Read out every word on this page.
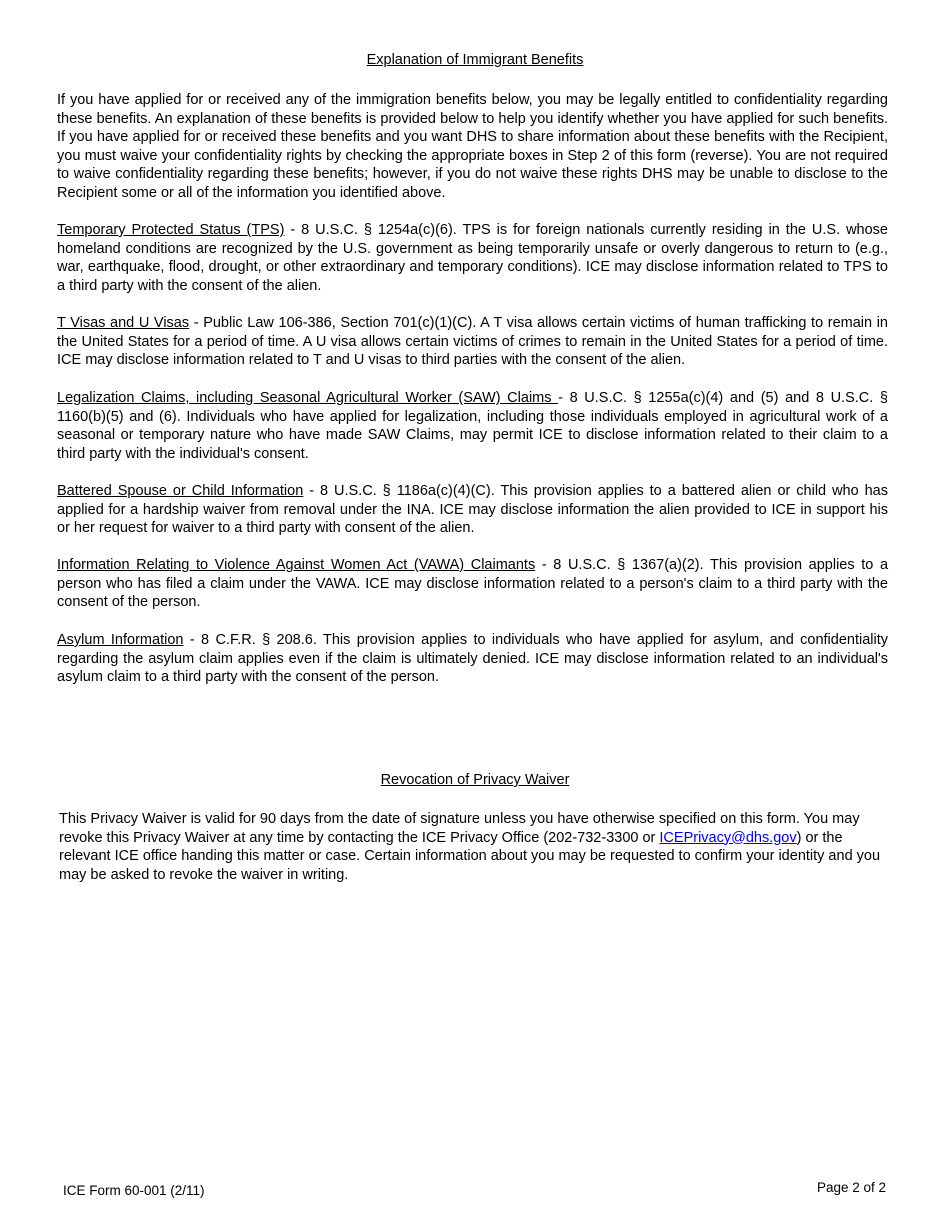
Explanation of Immigrant Benefits

If you have applied for or received any of the immigration benefits below, you may be legally entitled to confidentiality regarding these benefits. An explanation of these benefits is provided below to help you identify whether you have applied for such benefits. If you have applied for or received these benefits and you want DHS to share information about these benefits with the Recipient, you must waive your confidentiality rights by checking the appropriate boxes in Step 2 of this form (reverse). You are not required to waive confidentiality regarding these benefits; however, if you do not waive these rights DHS may be unable to disclose to the Recipient some or all of the information you identified above.

Temporary Protected Status (TPS) - 8 U.S.C. § 1254a(c)(6). TPS is for foreign nationals currently residing in the U.S. whose homeland conditions are recognized by the U.S. government as being temporarily unsafe or overly dangerous to return to (e.g., war, earthquake, flood, drought, or other extraordinary and temporary conditions). ICE may disclose information related to TPS to a third party with the consent of the alien.

T Visas and U Visas - Public Law 106-386, Section 701(c)(1)(C). A T visa allows certain victims of human trafficking to remain in the United States for a period of time. A U visa allows certain victims of crimes to remain in the United States for a period of time. ICE may disclose information related to T and U visas to third parties with the consent of the alien.

Legalization Claims, including Seasonal Agricultural Worker (SAW) Claims - 8 U.S.C. § 1255a(c)(4) and (5) and 8 U.S.C. § 1160(b)(5) and (6). Individuals who have applied for legalization, including those individuals employed in agricultural work of a seasonal or temporary nature who have made SAW Claims, may permit ICE to disclose information related to their claim to a third party with the individual's consent.

Battered Spouse or Child Information - 8 U.S.C. § 1186a(c)(4)(C). This provision applies to a battered alien or child who has applied for a hardship waiver from removal under the INA. ICE may disclose information the alien provided to ICE in support his or her request for waiver to a third party with consent of the alien.

Information Relating to Violence Against Women Act (VAWA) Claimants - 8 U.S.C. § 1367(a)(2). This provision applies to a person who has filed a claim under the VAWA. ICE may disclose information related to a person's claim to a third party with the consent of the person.

Asylum Information - 8 C.F.R. § 208.6. This provision applies to individuals who have applied for asylum, and confidentiality regarding the asylum claim applies even if the claim is ultimately denied. ICE may disclose information related to an individual's asylum claim to a third party with the consent of the person.

Revocation of Privacy Waiver

This Privacy Waiver is valid for 90 days from the date of signature unless you have otherwise specified on this form. You may revoke this Privacy Waiver at any time by contacting the ICE Privacy Office (202-732-3300 or ICEPrivacy@dhs.gov) or the relevant ICE office handing this matter or case. Certain information about you may be requested to confirm your identity and you may be asked to revoke the waiver in writing.

ICE Form 60-001 (2/11)	Page 2 of 2
